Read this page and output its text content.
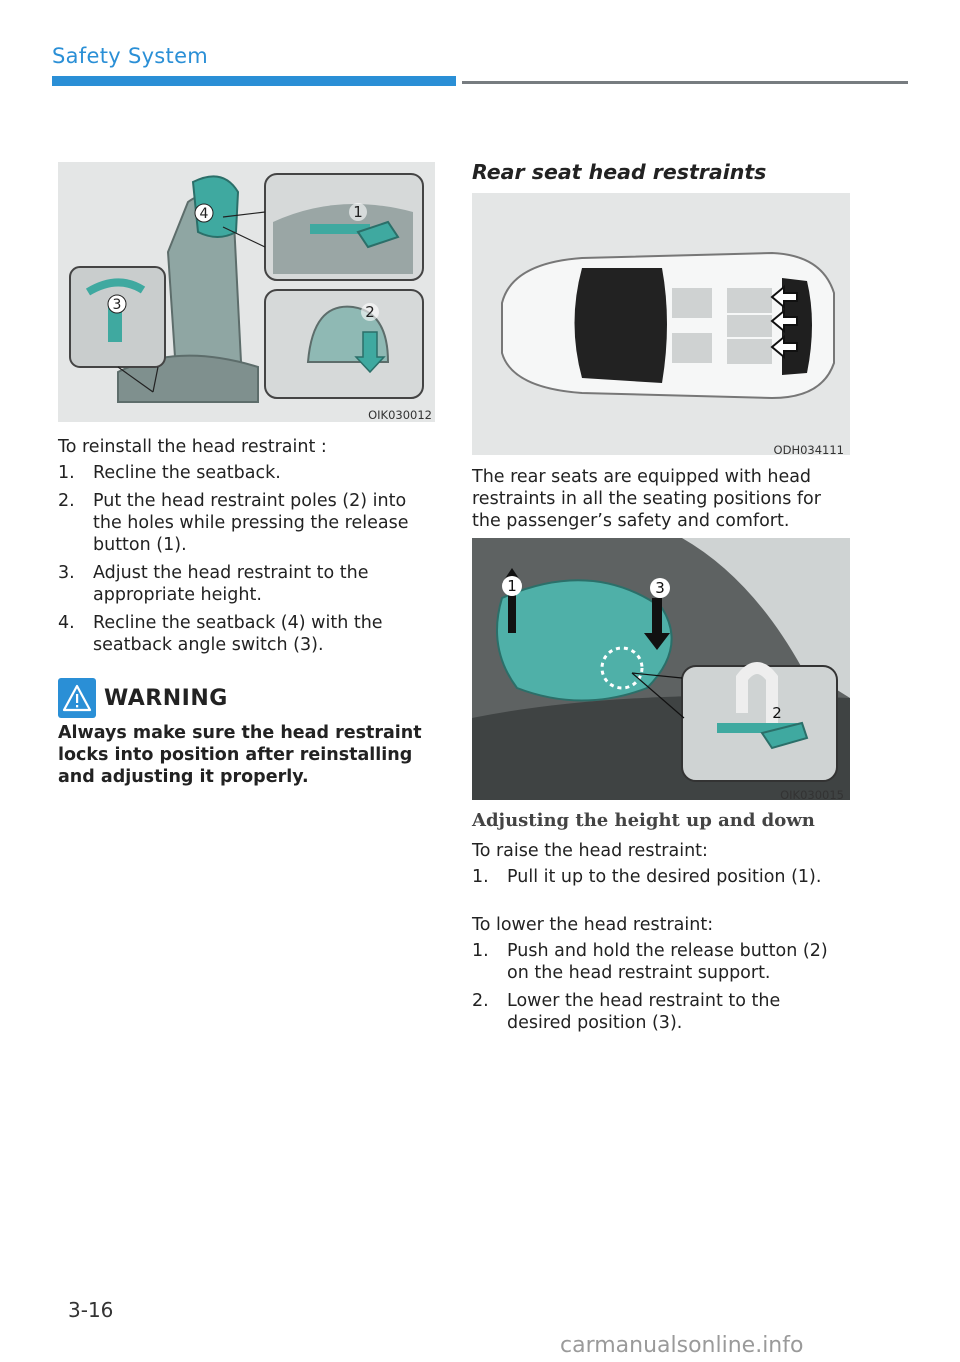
Safety System
1
2
3
4
OIK030012
To reinstall the head restraint :
1. Recline the seatback.
2. Put the head restraint poles (2) into the holes while pressing the release button (1).
3. Adjust the head restraint to the appropriate height.
4. Recline the seatback (4) with the seatback angle switch (3).
WARNING
Always make sure the head restraint locks into position after reinstalling and adjusting it properly.
Rear seat head restraints
ODH034111
The rear seats are equipped with head restraints in all the seating positions for the passenger’s safety and comfort.
1	3
2
OIK030015
Adjusting the height up and down
To raise the head restraint:
1. Pull it up to the desired position (1).
To lower the head restraint:
1. Push and hold the release button (2) on the head restraint support.
2. Lower the head restraint to the desired position (3).
3-16
carmanualsonline.info
